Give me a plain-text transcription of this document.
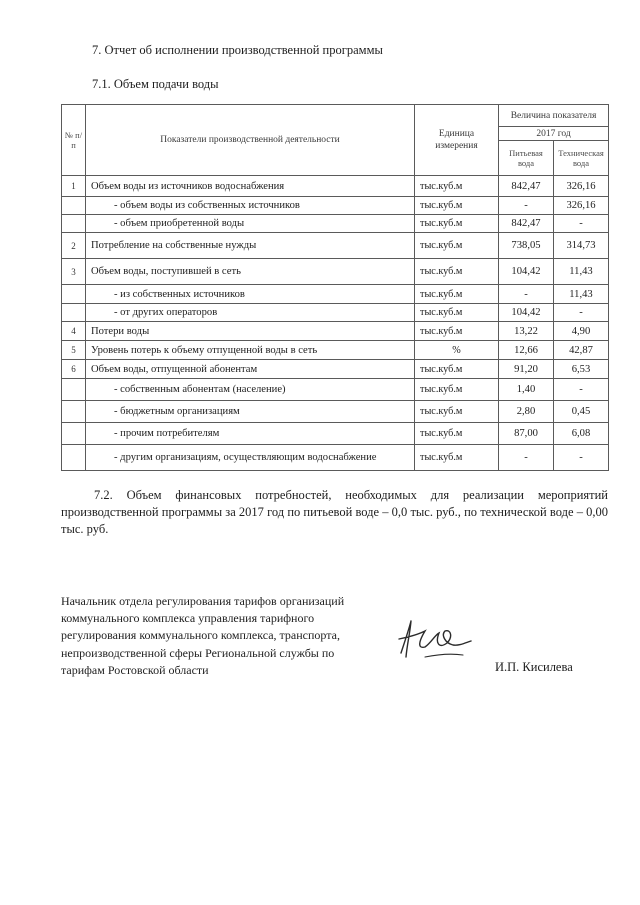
7. Отчет об исполнении производственной программы
7.1. Объем подачи воды
№ п/п	Показатели производственной деятельности	Единица измерения	Величина показателя	
			2017 год	
			Питьевая вода	Техническая вода
1	Объем воды из источников водоснабжения	тыс.куб.м	842,47	326,16
	- объем воды из собственных источников	тыс.куб.м	-	326,16
	- объем приобретенной воды	тыс.куб.м	842,47	-
2	Потребление на собственные нужды	тыс.куб.м	738,05	314,73
3	Объем воды, поступившей в сеть	тыс.куб.м	104,42	11,43
	- из собственных источников	тыс.куб.м	-	11,43
	- от других операторов	тыс.куб.м	104,42	-
4	Потери воды	тыс.куб.м	13,22	4,90
5	Уровень потерь к объему отпущенной воды в сеть	%	12,66	42,87
6	Объем воды, отпущенной абонентам	тыс.куб.м	91,20	6,53
	- собственным абонентам (население)	тыс.куб.м	1,40	-
	- бюджетным организациям	тыс.куб.м	2,80	0,45
	- прочим потребителям	тыс.куб.м	87,00	6,08
	- другим организациям, осуществляющим водоснабжение	тыс.куб.м	-	-

7.2. Объем финансовых потребностей, необходимых для реализации мероприятий производственной программы за 2017 год по питьевой воде – 0,0 тыс. руб., по технической воде – 0,00 тыс. руб.

Начальник отдела регулирования тарифов организаций
коммунального комплекса управления тарифного
регулирования коммунального комплекса, транспорта,
непроизводственной сферы Региональной службы по
тарифам Ростовской области	И.П. Кисилева
